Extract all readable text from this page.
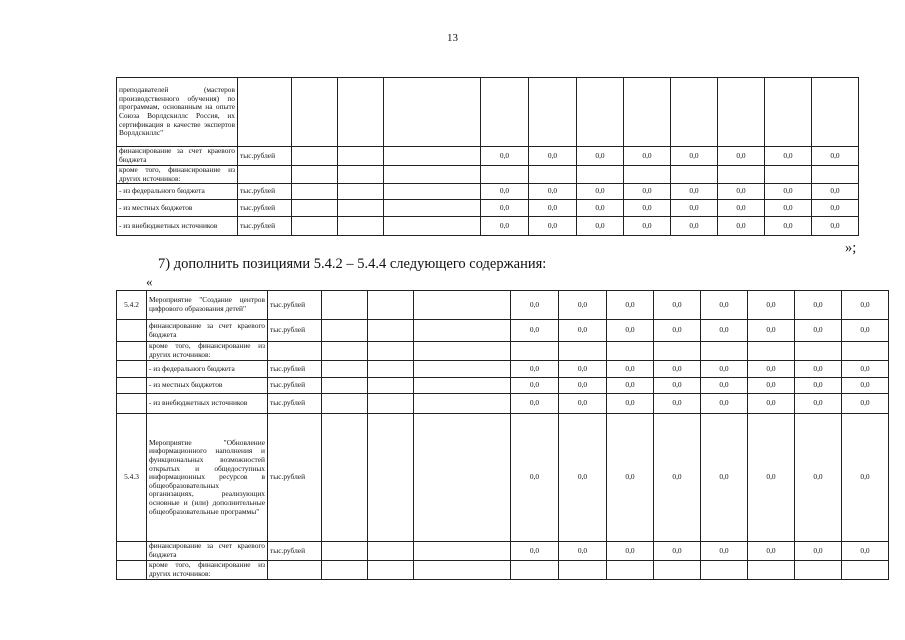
13
преподавателей (мастеров производственного обучения) по программам, основанным на опыте Союза Ворлдскиллс Россия, их сертификация в качестве экспертов Ворлдскиллс"												
финансирование за счет краевого бюджета	тыс.рублей				0,0	0,0	0,0	0,0	0,0	0,0	0,0	0,0
кроме того, финансирование из других источников:												
- из федерального бюджета	тыс.рублей				0,0	0,0	0,0	0,0	0,0	0,0	0,0	0,0
- из местных бюджетов	тыс.рублей				0,0	0,0	0,0	0,0	0,0	0,0	0,0	0,0
- из внебюджетных источников	тыс.рублей				0,0	0,0	0,0	0,0	0,0	0,0	0,0	0,0
»;
7) дополнить позициями 5.4.2 – 5.4.4 следующего содержания:
«
5.4.2	Мероприятие "Создание центров цифрового образования детей"	тыс.рублей				0,0	0,0	0,0	0,0	0,0	0,0	0,0	0,0
	финансирование за счет краевого бюджета	тыс.рублей				0,0	0,0	0,0	0,0	0,0	0,0	0,0	0,0
	кроме того, финансирование из других источников:												
	- из федерального бюджета	тыс.рублей				0,0	0,0	0,0	0,0	0,0	0,0	0,0	0,0
	- из местных бюджетов	тыс.рублей				0,0	0,0	0,0	0,0	0,0	0,0	0,0	0,0
	- из внебюджетных источников	тыс.рублей				0,0	0,0	0,0	0,0	0,0	0,0	0,0	0,0
5.4.3	Мероприятие "Обновление информационного наполнения и функциональных возможностей открытых и общедоступных информационных ресурсов в общеобразовательных организациях, реализующих основные и (или) дополнительные общеобразовательные программы"	тыс.рублей				0,0	0,0	0,0	0,0	0,0	0,0	0,0	0,0
	финансирование за счет краевого бюджета	тыс.рублей				0,0	0,0	0,0	0,0	0,0	0,0	0,0	0,0
	кроме того, финансирование из других источников:												
